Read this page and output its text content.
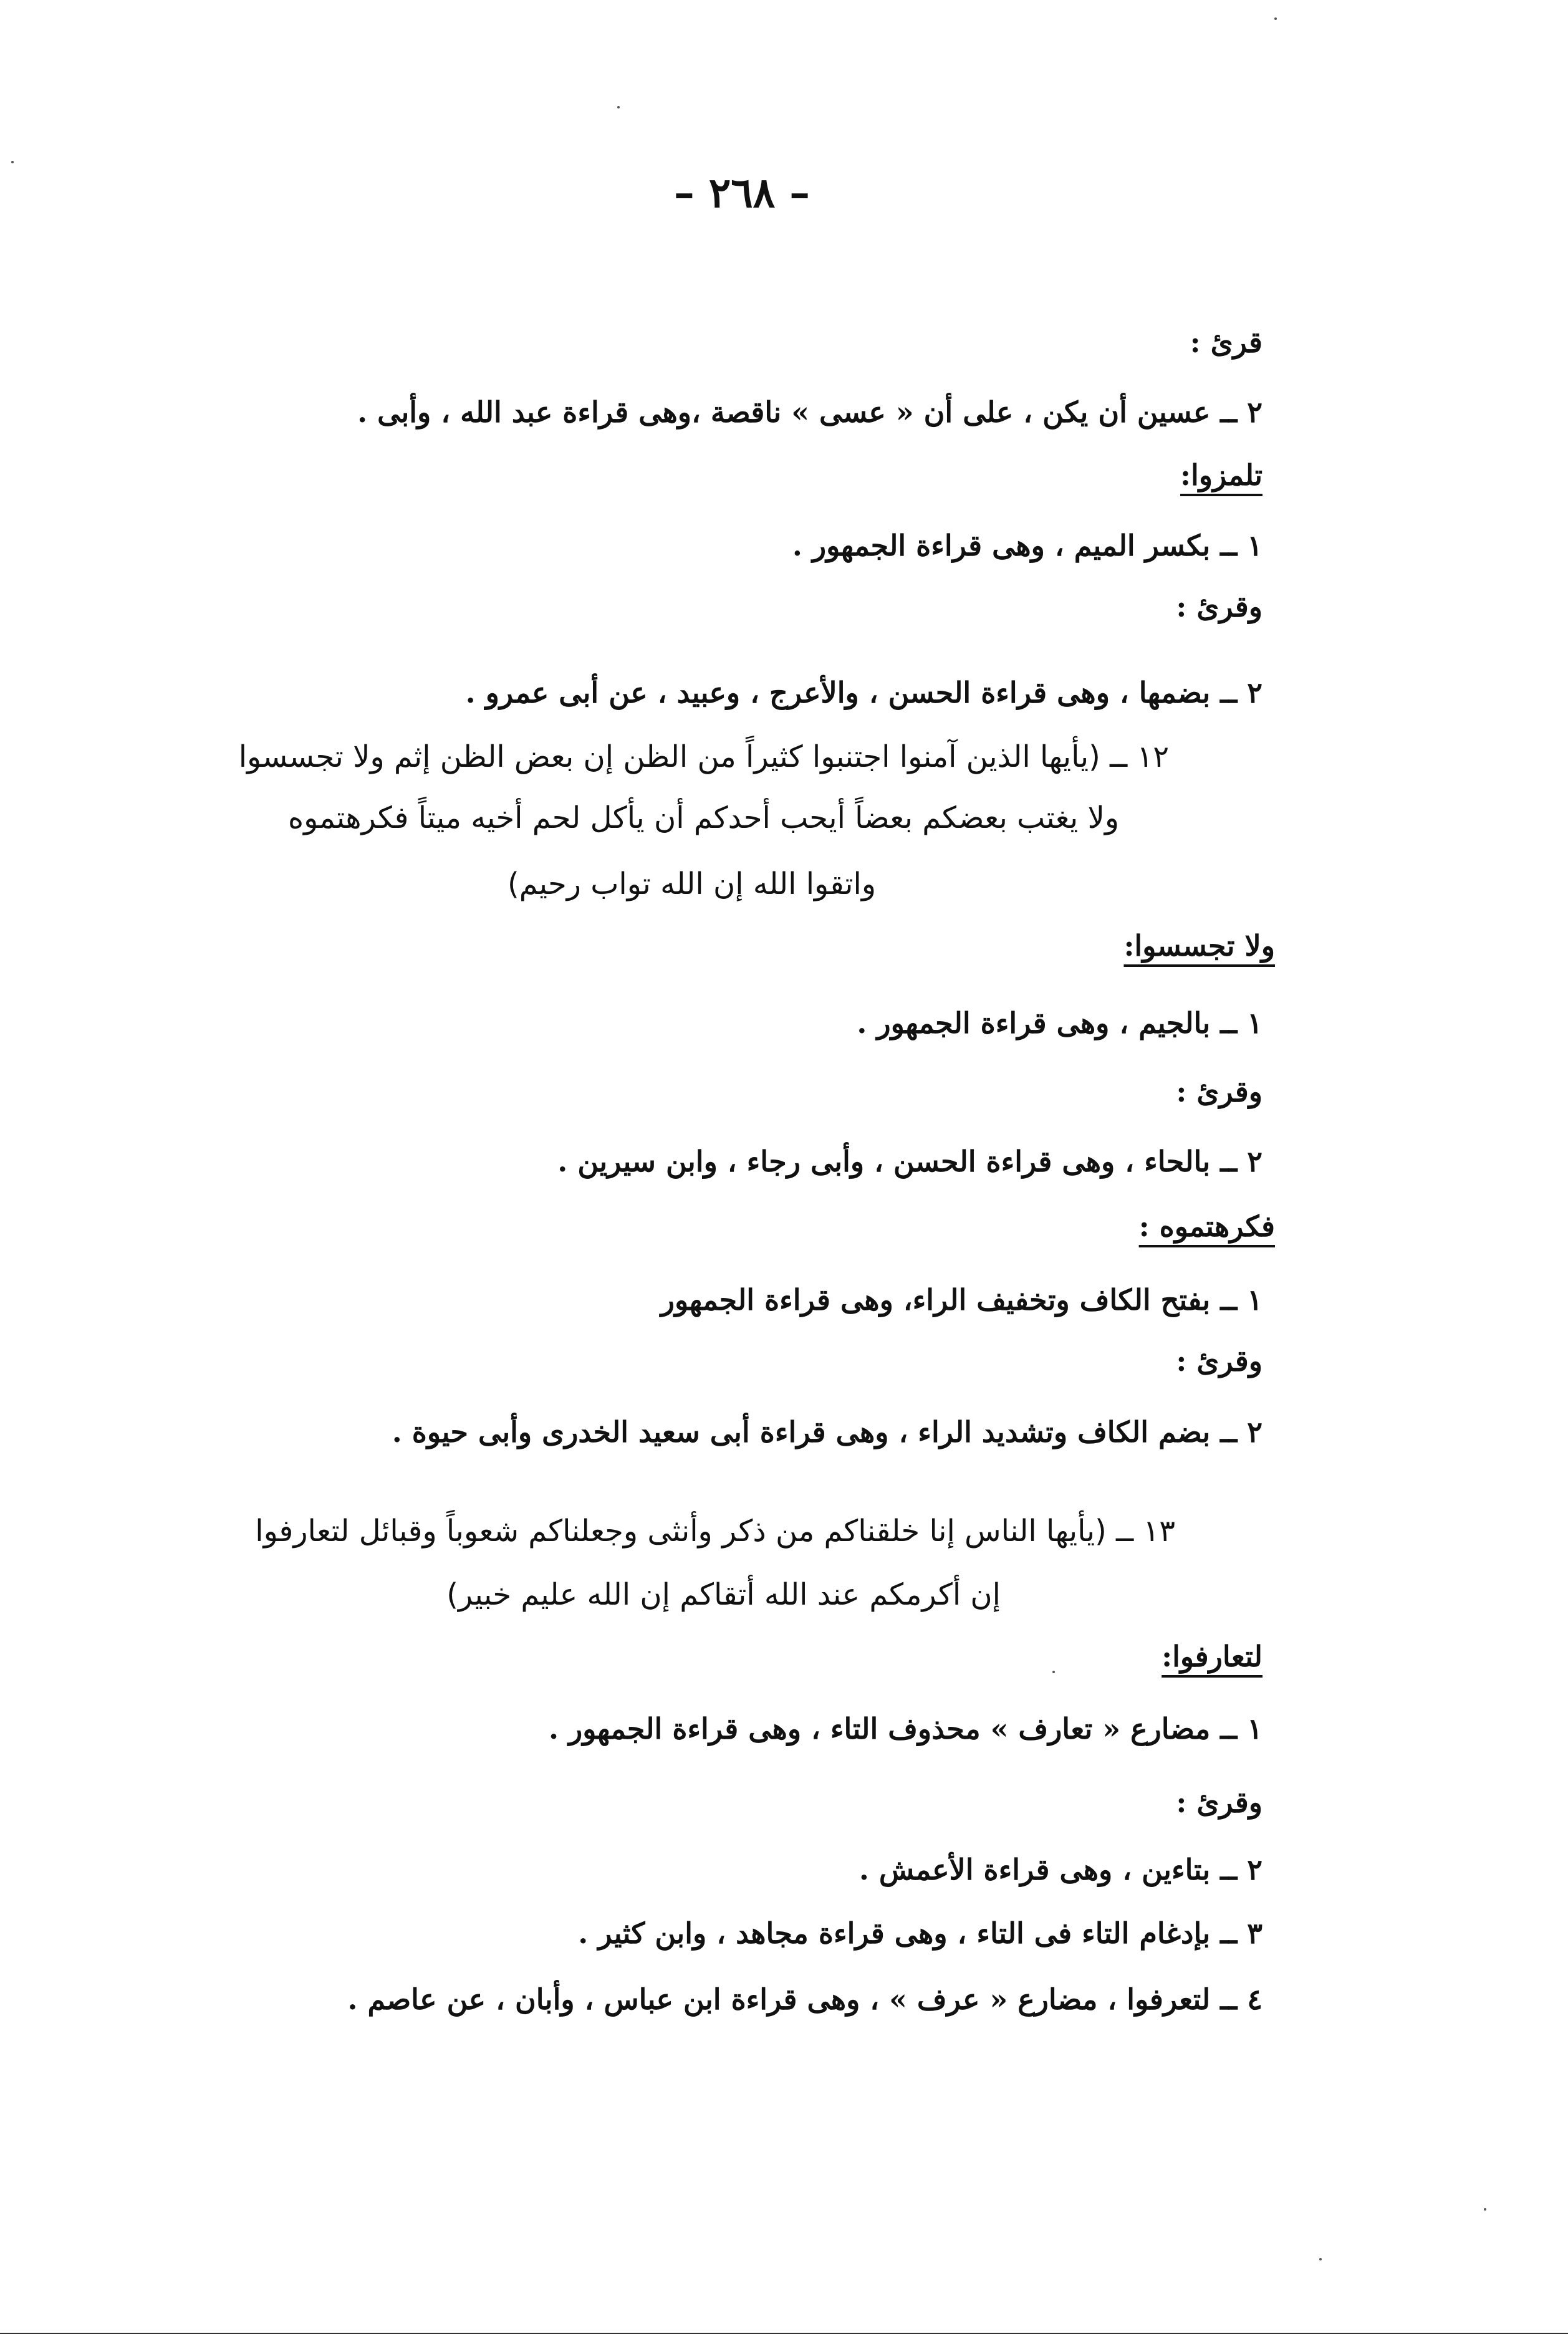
– ٢٦٨ –
قرئ :
٢ ــ عسين أن يكن ، على أن « عسى » ناقصة ،وهى قراءة عبد الله ، وأبى .
تلمزوا:
١ ــ بكسر الميم ، وهى قراءة الجمهور .
وقرئ :
٢ ــ بضمها ، وهى قراءة الحسن ، والأعرج ، وعبيد ، عن أبى عمرو .
١٢ ــ (يأيها الذين آمنوا اجتنبوا كثيراً من الظن إن بعض الظن إثم ولا تجسسوا
ولا يغتب بعضكم بعضاً أيحب أحدكم أن يأكل لحم أخيه ميتاً فكرهتموه
واتقوا الله إن الله تواب رحيم)
ولا تجسسوا:
١ ــ بالجيم ، وهى قراءة الجمهور .
وقرئ :
٢ ــ بالحاء ، وهى قراءة الحسن ، وأبى رجاء ، وابن سيرين .
فكرهتموه :
١ ــ بفتح الكاف وتخفيف الراء، وهى قراءة الجمهور
وقرئ :
٢ ــ بضم الكاف وتشديد الراء ، وهى قراءة أبى سعيد الخدرى وأبى حيوة .
١٣ ــ (يأيها الناس إنا خلقناكم من ذكر وأنثى وجعلناكم شعوباً وقبائل لتعارفوا
إن أكرمكم عند الله أتقاكم إن الله عليم خبير)
لتعارفوا:
١ ــ مضارع « تعارف » محذوف التاء ، وهى قراءة الجمهور .
وقرئ :
٢ ــ بتاءين ، وهى قراءة الأعمش .
٣ ــ بإدغام التاء فى التاء ، وهى قراءة مجاهد ، وابن كثير .
٤ ــ لتعرفوا ، مضارع « عرف » ، وهى قراءة ابن عباس ، وأبان ، عن عاصم .
